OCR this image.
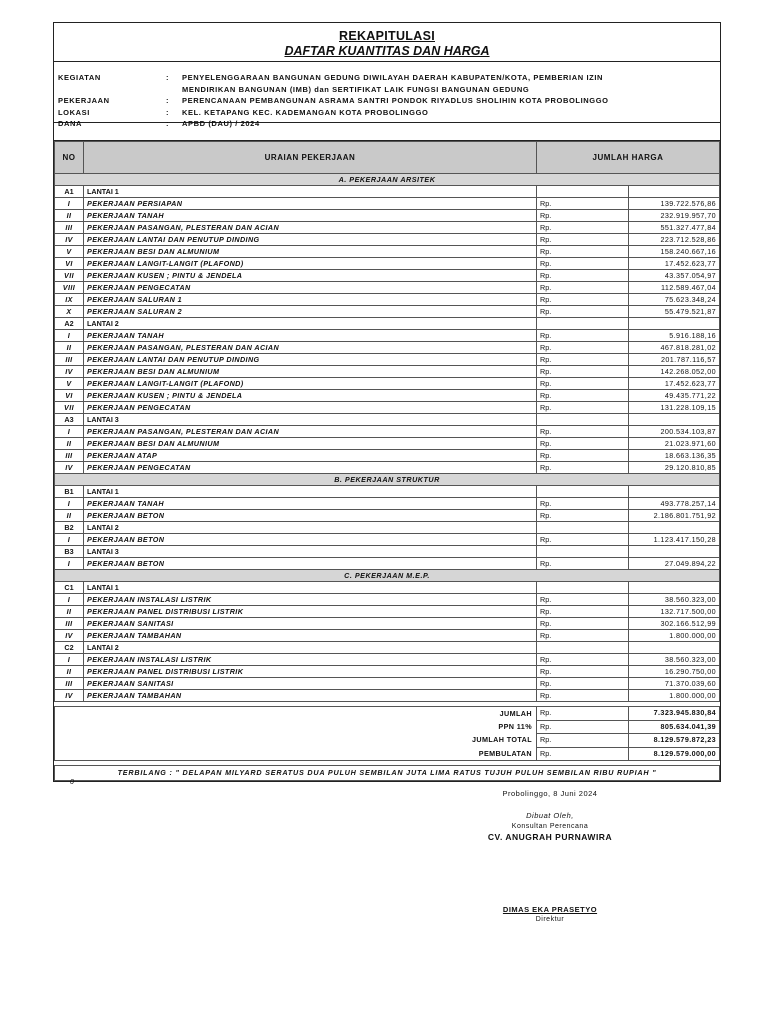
REKAPITULASI
DAFTAR KUANTITAS DAN HARGA
KEGIATAN	:	PENYELENGGARAAN BANGUNAN GEDUNG DIWILAYAH DAERAH KABUPATEN/KOTA, PEMBERIAN IZIN
MENDIRIKAN BANGUNAN (IMB) dan SERTIFIKAT LAIK FUNGSI BANGUNAN GEDUNG
PEKERJAAN	:	PERENCANAAN PEMBANGUNAN ASRAMA SANTRI PONDOK RIYADLUS SHOLIHIN KOTA PROBOLINGGO
LOKASI	:	KEL. KETAPANG KEC. KADEMANGAN KOTA PROBOLINGGO
DANA	:	APBD (DAU) / 2024
NO	URAIAN PEKERJAAN	JUMLAH HARGA	
A. PEKERJAAN ARSITEK			
A1	LANTAI 1		
I	PEKERJAAN PERSIAPAN	Rp.	139.722.576,86
II	PEKERJAAN TANAH	Rp.	232.919.957,70
III	PEKERJAAN PASANGAN, PLESTERAN DAN ACIAN	Rp.	551.327.477,84
IV	PEKERJAAN LANTAI DAN PENUTUP DINDING	Rp.	223.712.528,86
V	PEKERJAAN BESI DAN ALMUNIUM	Rp.	158.240.667,16
VI	PEKERJAAN LANGIT-LANGIT (PLAFOND)	Rp.	17.452.623,77
VII	PEKERJAAN KUSEN ; PINTU & JENDELA	Rp.	43.357.054,97
VIII	PEKERJAAN PENGECATAN	Rp.	112.589.467,04
IX	PEKERJAAN SALURAN 1	Rp.	75.623.348,24
X	PEKERJAAN SALURAN 2	Rp.	55.479.521,87
A2	LANTAI 2		
I	PEKERJAAN TANAH	Rp.	5.916.188,16
II	PEKERJAAN PASANGAN, PLESTERAN DAN ACIAN	Rp.	467.818.281,02
III	PEKERJAAN LANTAI DAN PENUTUP DINDING	Rp.	201.787.116,57
IV	PEKERJAAN BESI DAN ALMUNIUM	Rp.	142.268.052,00
V	PEKERJAAN LANGIT-LANGIT (PLAFOND)	Rp.	17.452.623,77
VI	PEKERJAAN KUSEN ; PINTU & JENDELA	Rp.	49.435.771,22
VII	PEKERJAAN PENGECATAN	Rp.	131.228.109,15
A3	LANTAI 3		
I	PEKERJAAN PASANGAN, PLESTERAN DAN ACIAN	Rp.	200.534.103,87
II	PEKERJAAN BESI DAN ALMUNIUM	Rp.	21.023.971,60
III	PEKERJAAN ATAP	Rp.	18.663.136,35
IV	PEKERJAAN PENGECATAN	Rp.	29.120.810,85
B. PEKERJAAN STRUKTUR			
B1	LANTAI 1		
I	PEKERJAAN TANAH	Rp.	493.778.257,14
II	PEKERJAAN BETON	Rp.	2.186.801.751,92
B2	LANTAI 2		
I	PEKERJAAN BETON	Rp.	1.123.417.150,28
B3	LANTAI 3		
I	PEKERJAAN BETON	Rp.	27.049.894,22
C. PEKERJAAN M.E.P.			
C1	LANTAI 1		
I	PEKERJAAN INSTALASI LISTRIK	Rp.	38.560.323,00
II	PEKERJAAN PANEL DISTRIBUSI LISTRIK	Rp.	132.717.500,00
III	PEKERJAAN SANITASI	Rp.	302.166.512,99
IV	PEKERJAAN TAMBAHAN	Rp.	1.800.000,00
C2	LANTAI 2		
I	PEKERJAAN INSTALASI LISTRIK	Rp.	38.560.323,00
II	PEKERJAAN PANEL DISTRIBUSI LISTRIK	Rp.	16.290.750,00
III	PEKERJAAN SANITASI	Rp.	71.370.039,60
IV	PEKERJAAN TAMBAHAN	Rp.	1.800.000,00

JUMLAH		Rp.	7.323.945.830,84
PPN 11%		Rp.	805.634.041,39
JUMLAH TOTAL		Rp.	8.129.579.872,23
PEMBULATAN		Rp.	8.129.579.000,00

TERBILANG : " DELAPAN MILYARD SERATUS DUA PULUH SEMBILAN JUTA LIMA RATUS TUJUH PULUH SEMBILAN RIBU RUPIAH "			
0
Probolinggo, 8 Juni 2024
Dibuat Oleh,
Konsultan Perencana
CV. ANUGRAH PURNAWIRA
DIMAS EKA PRASETYO
Direktur
